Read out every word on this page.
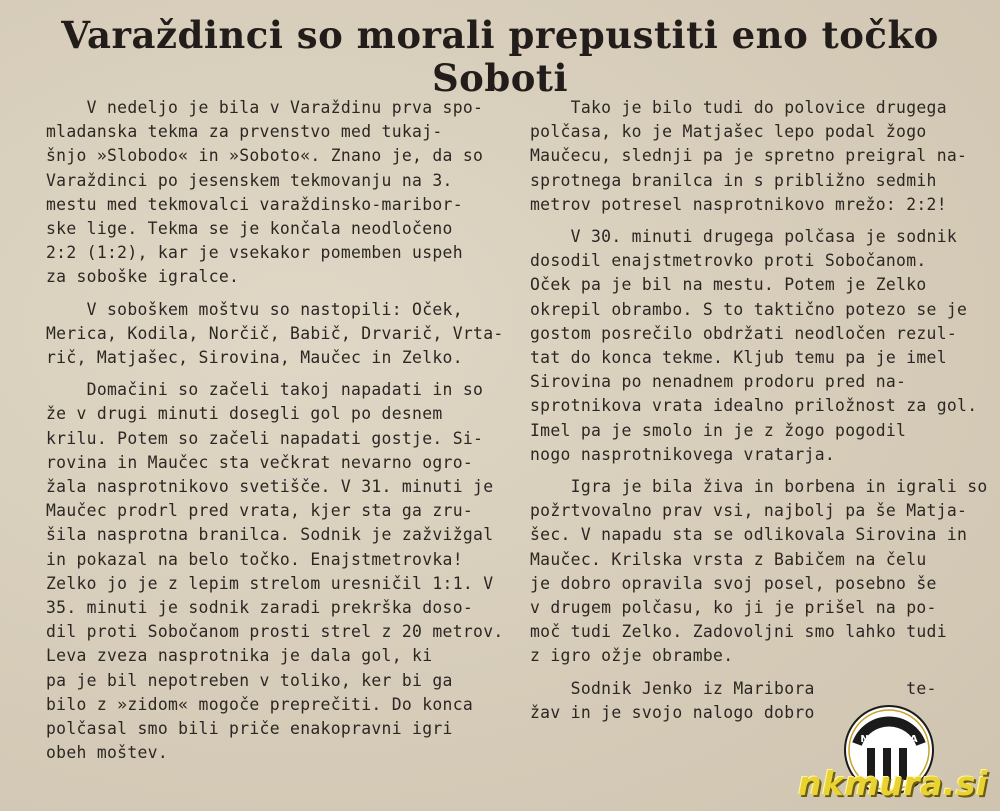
Varaždinci so morali prepustiti eno točko
Soboti

V nedeljo je bila v Varaždinu prva spo-
mladanska tekma za prvenstvo med tukaj-
šnjo »Slobodo« in »Soboto«. Znano je, da so
Varaždinci po jesenskem tekmovanju na 3.
mestu med tekmovalci varaždinsko-maribor-
ske lige. Tekma se je končala neodločeno
2:2 (1:2), kar je vsekakor pomemben uspeh
za soboške igralce.

V soboškem moštvu so nastopili: Oček,
Merica, Kodila, Norčič, Babič, Drvarič, Vrta-
rič, Matjašec, Sirovina, Maučec in Zelko.

Domačini so začeli takoj napadati in so
že v drugi minuti dosegli gol po desnem
krilu. Potem so začeli napadati gostje. Si-
rovina in Maučec sta večkrat nevarno ogro-
žala nasprotnikovo svetišče. V 31. minuti je
Maučec prodrl pred vrata, kjer sta ga zru-
šila nasprotna branilca. Sodnik je zažvižgal
in pokazal na belo točko. Enajstmetrovka!
Zelko jo je z lepim strelom uresničil 1:1. V
35. minuti je sodnik zaradi prekrška doso-
dil proti Sobočanom prosti strel z 20 metrov.
Leva zveza nasprotnika je dala gol, ki
pa je bil nepotreben v toliko, ker bi ga
bilo z »zidom« mogoče preprečiti. Do konca
polčasal smo bili priče enakopravni igri
obeh moštev.

Tako je bilo tudi do polovice drugega
polčasa, ko je Matjašec lepo podal žogo
Maučecu, slednji pa je spretno preigral na-
sprotnega branilca in s približno sedmih
metrov potresel nasprotnikovo mrežo: 2:2!

V 30. minuti drugega polčasa je sodnik
dosodil enajstmetrovko proti Sobočanom.
Oček pa je bil na mestu. Potem je Zelko
okrepil obrambo. S to taktično potezo se je
gostom posrečilo obdržati neodločen rezul-
tat do konca tekme. Kljub temu pa je imel
Sirovina po nenadnem prodoru pred na-
sprotnikova vrata idealno priložnost za gol.
Imel pa je smolo in je z žogo pogodil
nogo nasprotnikovega vratarja.

Igra je bila živa in borbena in igrali so
požrtvovalno prav vsi, najbolj pa še Matja-
šec. V napadu sta se odlikovala Sirovina in
Maučec. Krilska vrsta z Babičem na čelu
je dobro opravila svoj posel, posebno še
v drugem polčasu, ko ji je prišel na po-
moč tudi Zelko. Zadovoljni smo lahko tudi
z igro ožje obrambe.

Sodnik Jenko iz Maribora         te-
žav in je svojo nalogo dobro

1924
N.K.MURA
nkmura.si
